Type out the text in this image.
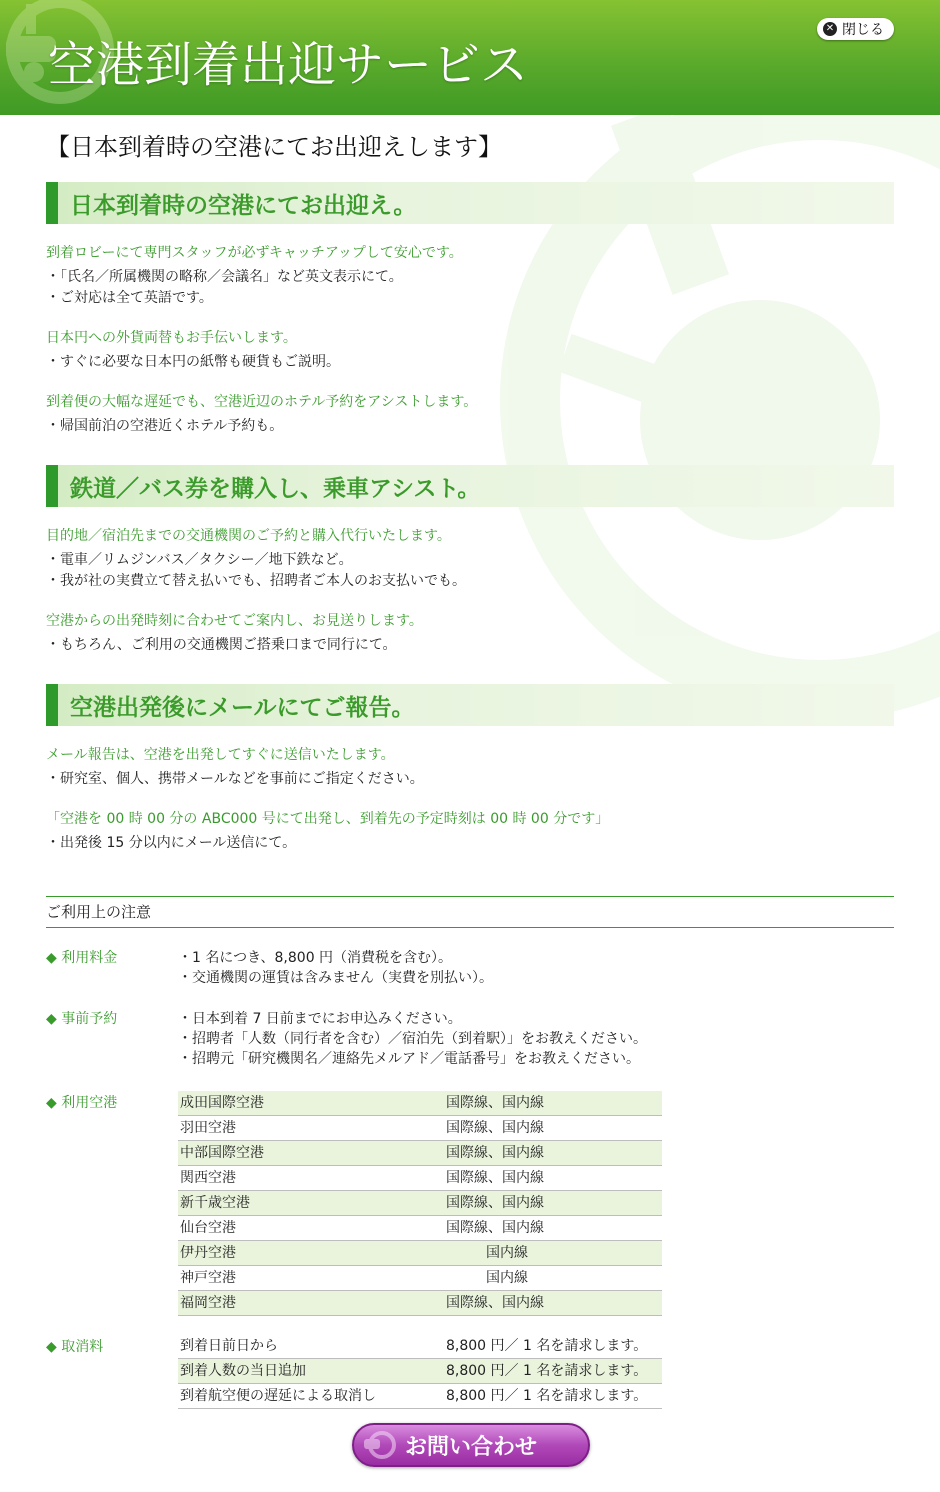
空港到着出迎サービス
✕ 閉じる
【日本到着時の空港にてお出迎えします】
日本到着時の空港にてお出迎え。
到着ロビーにて専門スタッフが必ずキャッチアップして安心です。
・「氏名／所属機関の略称／会議名」など英文表示にて。
・ご対応は全て英語です。
日本円への外貨両替もお手伝いします。
・すぐに必要な日本円の紙幣も硬貨もご説明。
到着便の大幅な遅延でも、空港近辺のホテル予約をアシストします。
・帰国前泊の空港近くホテル予約も。
鉄道／バス券を購入し、乗車アシスト。
目的地／宿泊先までの交通機関のご予約と購入代行いたします。
・電車／リムジンバス／タクシー／地下鉄など。
・我が社の実費立て替え払いでも、招聘者ご本人のお支払いでも。
空港からの出発時刻に合わせてご案内し、お見送りします。
・もちろん、ご利用の交通機関ご搭乗口まで同行にて。
空港出発後にメールにてご報告。
メール報告は、空港を出発してすぐに送信いたします。
・研究室、個人、携帯メールなどを事前にご指定ください。
「空港を 00 時 00 分の ABC000 号にて出発し、到着先の予定時刻は 00 時 00 分です」
・出発後 15 分以内にメール送信にて。
ご利用上の注意
◆ 利用料金	・1 名につき、8,800 円（消費税を含む）。
・交通機関の運賃は含みません（実費を別払い）。
◆ 事前予約	・日本到着 7 日前までにお申込みください。
・招聘者「人数（同行者を含む）／宿泊先（到着駅）」をお教えください。
・招聘元「研究機関名／連絡先メルアド／電話番号」をお教えください。
◆ 利用空港	成田国際空港	国際線、国内線
羽田空港	国際線、国内線
中部国際空港	国際線、国内線
関西空港	国際線、国内線
新千歳空港	国際線、国内線
仙台空港	国際線、国内線
伊丹空港	国内線
神戸空港	国内線
福岡空港	国際線、国内線
◆ 取消料	到着日前日から	8,800 円／ 1 名を請求します。
到着人数の当日追加	8,800 円／ 1 名を請求します。
到着航空便の遅延による取消し	8,800 円／ 1 名を請求します。
お問い合わせ
